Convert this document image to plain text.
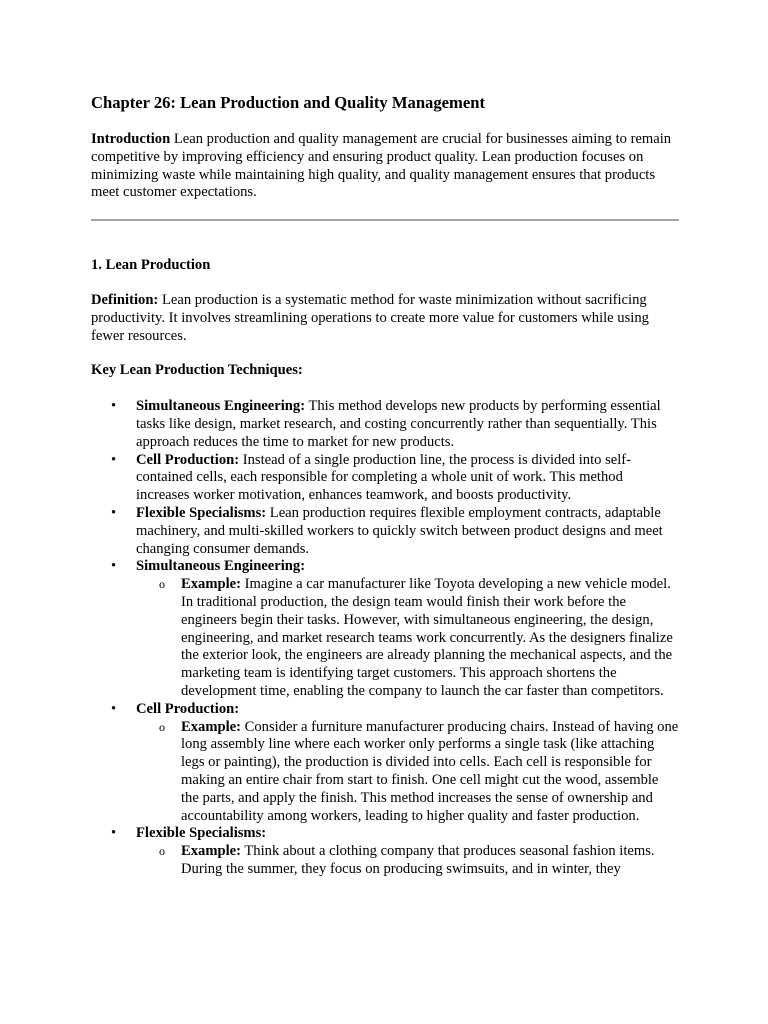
Chapter 26: Lean Production and Quality Management

Introduction Lean production and quality management are crucial for businesses aiming to remain competitive by improving efficiency and ensuring product quality. Lean production focuses on minimizing waste while maintaining high quality, and quality management ensures that products meet customer expectations.

1. Lean Production

Definition: Lean production is a systematic method for waste minimization without sacrificing productivity. It involves streamlining operations to create more value for customers while using fewer resources.

Key Lean Production Techniques:

•	Simultaneous Engineering: This method develops new products by performing essential tasks like design, market research, and costing concurrently rather than sequentially. This approach reduces the time to market for new products.
•	Cell Production: Instead of a single production line, the process is divided into self-contained cells, each responsible for completing a whole unit of work. This method increases worker motivation, enhances teamwork, and boosts productivity.
•	Flexible Specialisms: Lean production requires flexible employment contracts, adaptable machinery, and multi-skilled workers to quickly switch between product designs and meet changing consumer demands.
•	Simultaneous Engineering:
o Example: Imagine a car manufacturer like Toyota developing a new vehicle model. In traditional production, the design team would finish their work before the engineers begin their tasks. However, with simultaneous engineering, the design, engineering, and market research teams work concurrently. As the designers finalize the exterior look, the engineers are already planning the mechanical aspects, and the marketing team is identifying target customers. This approach shortens the development time, enabling the company to launch the car faster than competitors.
•	Cell Production:
o Example: Consider a furniture manufacturer producing chairs. Instead of having one long assembly line where each worker only performs a single task (like attaching legs or painting), the production is divided into cells. Each cell is responsible for making an entire chair from start to finish. One cell might cut the wood, assemble the parts, and apply the finish. This method increases the sense of ownership and accountability among workers, leading to higher quality and faster production.
•	Flexible Specialisms:
o Example: Think about a clothing company that produces seasonal fashion items. During the summer, they focus on producing swimsuits, and in winter, they
